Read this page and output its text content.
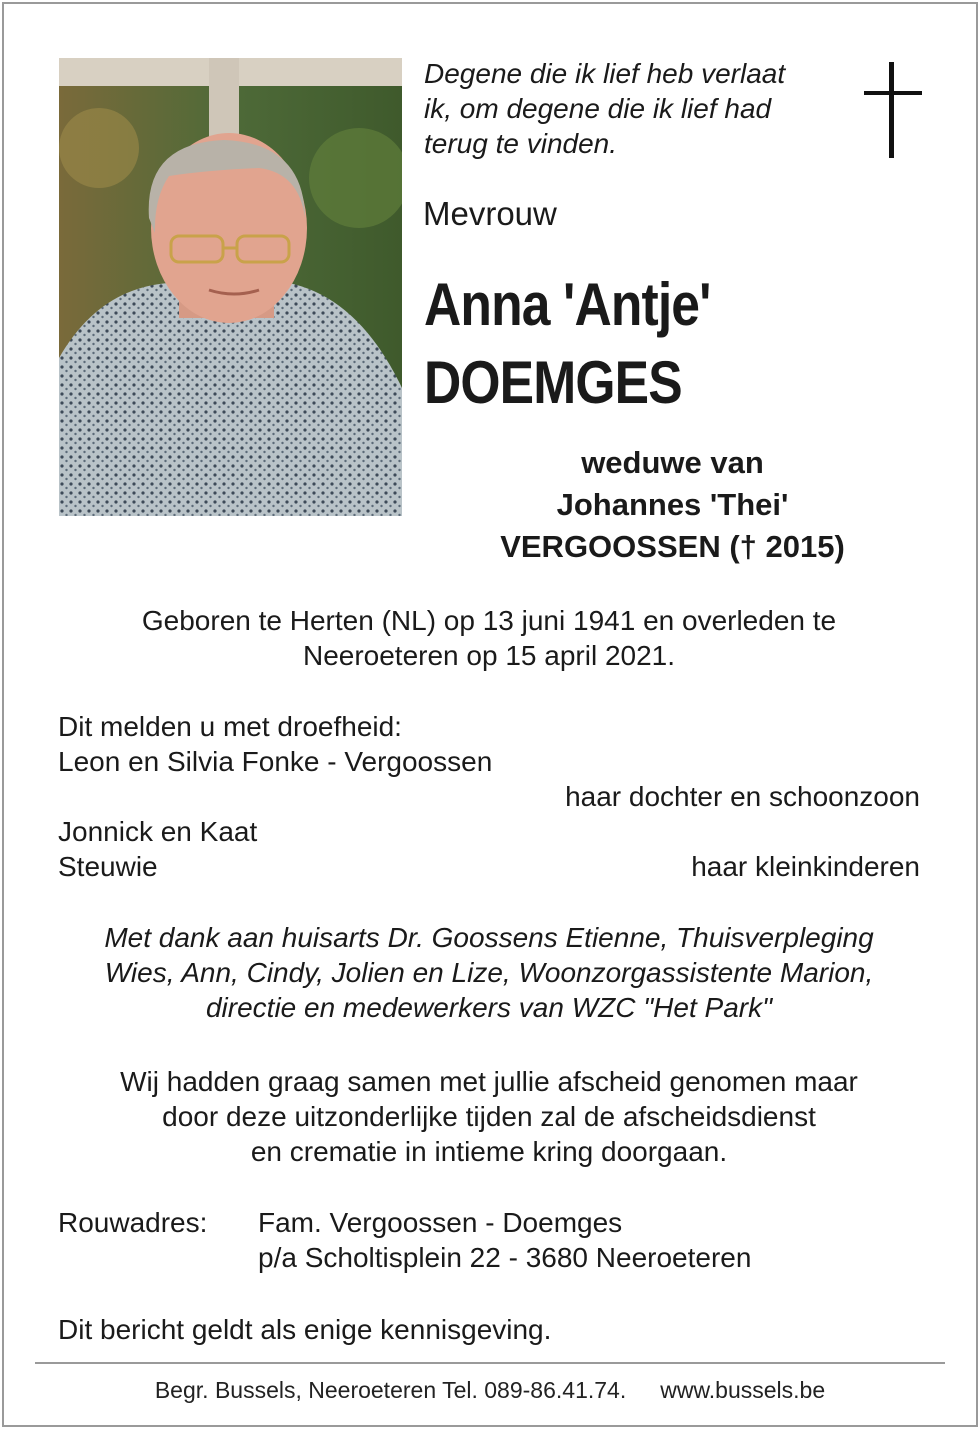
Degene die ik lief heb verlaat
ik, om degene die ik lief had
terug te vinden.
Mevrouw
Anna 'Antje'
DOEMGES
weduwe van
Johannes 'Thei'
VERGOOSSEN († 2015)
Geboren te Herten (NL) op 13 juni 1941 en overleden te
Neeroeteren op 15 april 2021.
Dit melden u met droefheid:
Leon en Silvia Fonke - Vergoossen
haar dochter en schoonzoon
Jonnick en Kaat
Steuwie	haar kleinkinderen
Met dank aan huisarts Dr. Goossens Etienne, Thuisverpleging
Wies, Ann, Cindy, Jolien en Lize, Woonzorgassistente Marion,
directie en medewerkers van WZC "Het Park"
Wij hadden graag samen met jullie afscheid genomen maar
door deze uitzonderlijke tijden zal de afscheidsdienst
en crematie in intieme kring doorgaan.
Rouwadres:	Fam. Vergoossen - Doemges
p/a Scholtisplein 22 - 3680 Neeroeteren
Dit bericht geldt als enige kennisgeving.
Begr. Bussels, Neeroeteren Tel. 089-86.41.74. www.bussels.be
